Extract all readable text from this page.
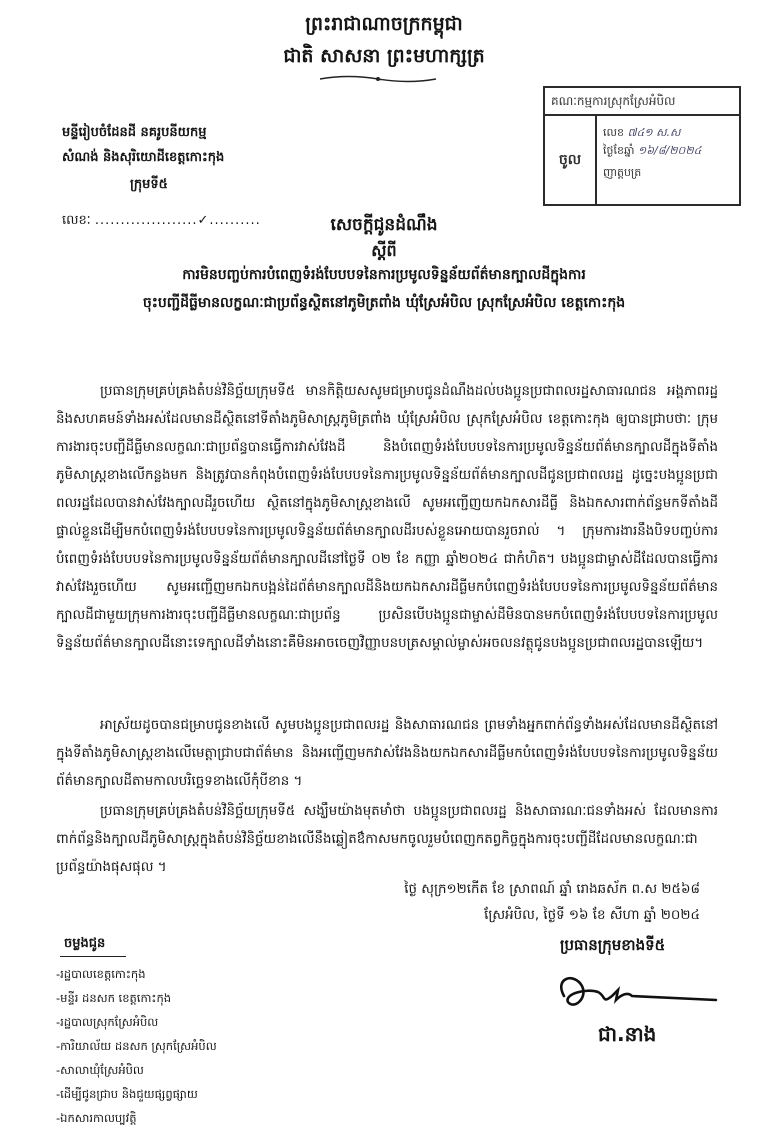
ព្រះរាជាណាចក្រកម្ពុជា
ជាតិ សាសនា ព្រះមហាក្សត្រ
គណៈកម្មការស្រុកស្រែអំបិល
ចូល
លេខ ៧៤១ ស.ស
ថ្ងៃខែឆ្នាំ ១៦/៨/២០២៤
ញាត្តបត្រ
មន្ទីរៀបចំដែនដី នគរូបនីយកម្ម
សំណង់ និងសុរិយោដីខេត្តកោះកុង
ក្រុមទី៥
លេខៈ ....................✓..........	សេចក្តីជូនដំណឹង
ស្តីពី
ការមិនបញ្ចប់ការបំពេញទំរង់បែបបទនៃការប្រមូលទិន្នន័យព័ត៌មានក្បាលដីក្នុងការ
ចុះបញ្ជីដីធ្លីមានលក្ខណៈជាប្រព័ន្ធស្ថិតនៅភូមិត្រពាំង ឃុំស្រែអំបិល ស្រុកស្រែអំបិល ខេត្តកោះកុង
ប្រធានក្រុមគ្រប់គ្រងតំបន់វិនិច្ឆ័យក្រុមទី៥ មានកិត្តិយសសូមជម្រាបជូនដំណឹងដល់បងប្អូនប្រជាពលរដ្ឋសាធារណជន អង្គភាពរដ្ឋ និងសហគមន៍ទាំងអស់ដែលមានដីស្ថិតនៅទីតាំងភូមិសាស្ត្រភូមិត្រពាំង ឃុំស្រែអំបិល ស្រុកស្រែអំបិល ខេត្តកោះកុង ឲ្យបានជ្រាបថាៈ ក្រុមការងារចុះបញ្ជីដីធ្លីមានលក្ខណៈជាប្រព័ន្ធបានធ្វើការវាស់វែងដី និងបំពេញទំរង់បែបបទនៃការប្រមូលទិន្នន័យព័ត៌មានក្បាលដីក្នុងទីតាំងភូមិសាស្ត្រខាងលើកន្លងមក និងត្រូវបានកំពុងបំពេញទំរង់បែបបទនៃការប្រមូលទិន្នន័យព័ត៌មានក្បាលដីជូនប្រជាពលរដ្ឋ ដូច្នេះបងប្អូនប្រជាពលរដ្ឋដែលបានវាស់វែងក្បាលដីរួចហើយ ស្ថិតនៅក្នុងភូមិសាស្ត្រខាងលើ សូមអញ្ជើញយកឯកសារដីធ្លី និងឯកសារពាក់ព័ន្ធមកទីតាំងដីផ្ទាល់ខ្លួនដើម្បីមកបំពេញទំរង់បែបបទនៃការប្រមូលទិន្នន័យព័ត៌មានក្បាលដីរបស់ខ្លួនអោយបានរួចរាល់ ។ ក្រុមការងារនឹងបិទបញ្ចប់ការបំពេញទំរង់បែបបទនៃការប្រមូលទិន្នន័យព័ត៌មានក្បាលដីនៅថ្ងៃទី ០២ ខែ កញ្ញា ឆ្នាំ២០២៤ ជាកំហិត។ បងប្អូនជាម្ចាស់ដីដែលបានធ្វើការវាស់វែងរួចហើយ សូមអញ្ជើញមកឯកបង្អន់ដៃព័ត៌មានក្បាលដីនិងយកឯកសារដីធ្លីមកបំពេញទំរង់បែបបទនៃការប្រមូលទិន្នន័យព័ត៌មានក្បាលដីជាមួយក្រុមការងារចុះបញ្ជីដីធ្លីមានលក្ខណៈជាប្រព័ន្ធ ប្រសិនបើបងប្អូនជាម្ចាស់ដីមិនបានមកបំពេញទំរង់បែបបទនៃការប្រមូលទិន្នន័យព័ត៌មានក្បាលដីនោះទេក្បាលដីទាំងនោះគឺមិនអាចចេញវិញ្ញាបនបត្រសម្គាល់ម្ចាស់អចលនវត្ថុជូនបងប្អូនប្រជាពលរដ្ឋបានឡើយ។
អាស្រ័យដូចបានជម្រាបជូនខាងលើ សូមបងប្អូនប្រជាពលរដ្ឋ និងសាធារណជន ព្រមទាំងអ្នកពាក់ព័ន្ធទាំងអស់ដែលមានដីស្ថិតនៅក្នុងទីតាំងភូមិសាស្ត្រខាងលើមេត្តាជ្រាបជាព័ត៌មាន និងអញ្ជើញមកវាស់វែងនិងយកឯកសារដីធ្លីមកបំពេញទំរង់បែបបទនៃការប្រមូលទិន្នន័យព័ត៌មានក្បាលដីតាមកាលបរិច្ឆេទខាងលើកុំបីខាន ។
ប្រធានក្រុមគ្រប់គ្រងតំបន់វិនិច្ឆ័យក្រុមទី៥ សង្ឃឹមយ៉ាងមុតមាំថា បងប្អូនប្រជាពលរដ្ឋ និងសាធារណៈជនទាំងអស់ ដែលមានការពាក់ព័ន្ធនិងក្បាលដីភូមិសាស្ត្រក្នុងតំបន់វិនិច្ឆ័យខាងលើនឹងឆ្លៀតឳកាសមកចូលរួមបំពេញកតព្វកិច្ចក្នុងការចុះបញ្ជីដីដែលមានលក្ខណៈជាប្រព័ន្ធយ៉ាងផុសផុល ។
ថ្ងៃ សុក្រ១២កើត ខែ ស្រាពណ៍ ឆ្នាំ រោងឆស័ក ព.ស ២៥៦៨
ស្រែអំបិល, ថ្ងៃទី ១៦ ខែ សីហា ឆ្នាំ ២០២៤
ប្រធានក្រុមខាងទី៥
ជា.នាង
ចម្លងជូន
-រដ្ឋបាលខេត្តកោះកុង
-មន្ទីរ ដនសក ខេត្តកោះកុង
-រដ្ឋបាលស្រុកស្រែអំបិល
-ការិយាល័យ ដនសក ស្រុកស្រែអំបិល
-សាលាឃុំស្រែអំបិល
-ដើម្បីជូនជ្រាប និងជួយផ្សព្វផ្សាយ
-ឯកសារកាលប្បវត្តិ
